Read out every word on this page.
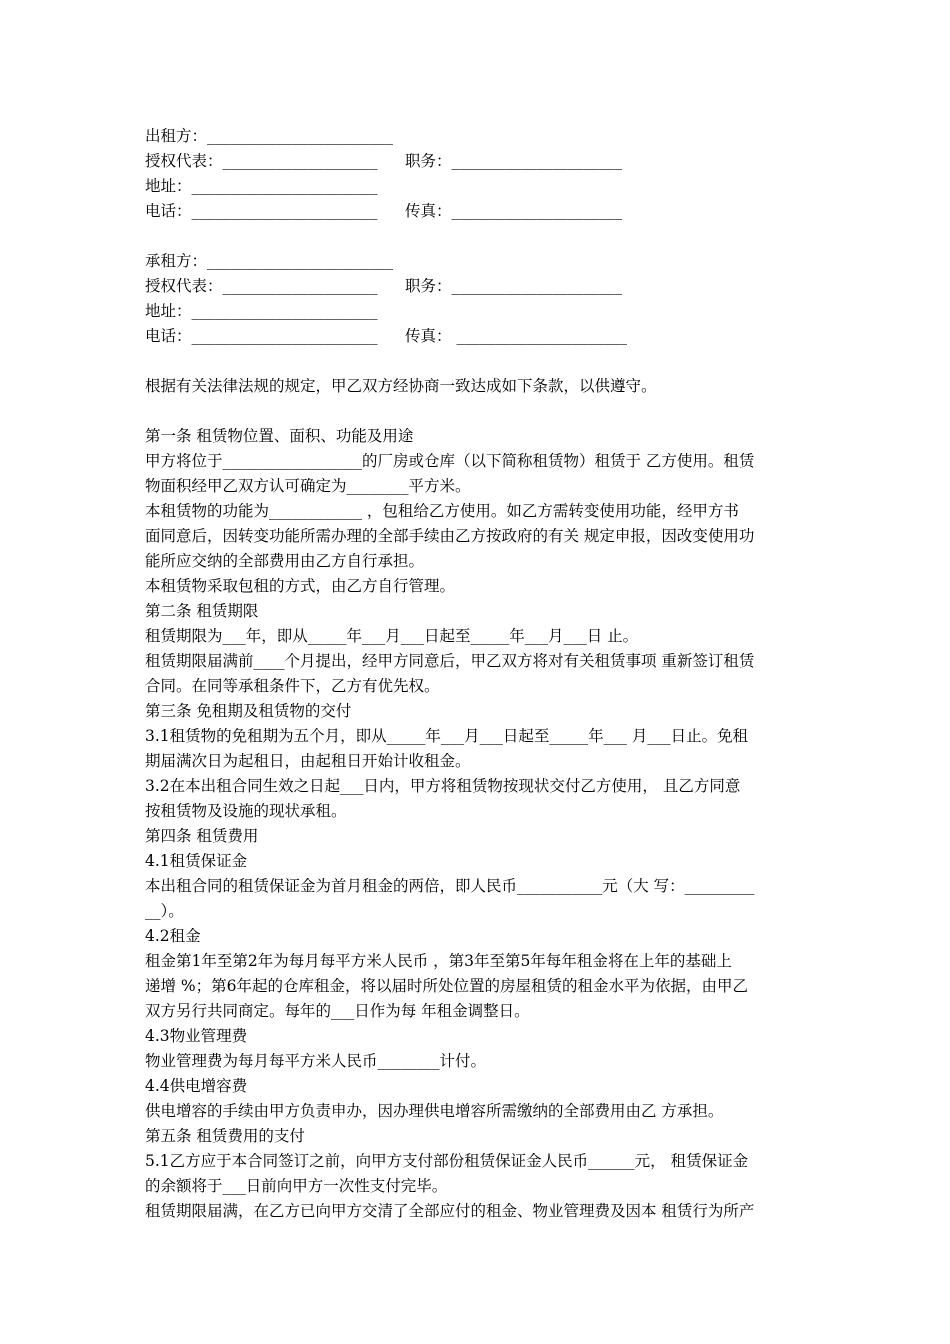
出租方：________________________
授权代表：____________________ 职务：______________________
地址：________________________
电话：________________________ 传真：______________________
承租方：________________________
授权代表：____________________ 职务：______________________
地址：________________________
电话：________________________ 传真： ______________________
根据有关法律法规的规定，甲乙双方经协商一致达成如下条款，以供遵守。
第一条 租赁物位置、面积、功能及用途
甲方将位于__________________的厂房或仓库（以下简称租赁物）租赁于 乙方使用。租赁
物面积经甲乙双方认可确定为________平方米。
本租赁物的功能为____________ ，包租给乙方使用。如乙方需转变使用功能，经甲方书
面同意后，因转变功能所需办理的全部手续由乙方按政府的有关 规定申报，因改变使用功
能所应交纳的全部费用由乙方自行承担。
本租赁物采取包租的方式，由乙方自行管理。
第二条 租赁期限
租赁期限为___年，即从_____年___月___日起至_____年___月___日 止。
租赁期限届满前____个月提出，经甲方同意后，甲乙双方将对有关租赁事项 重新签订租赁
合同。在同等承租条件下，乙方有优先权。
第三条 免租期及租赁物的交付
3.1租赁物的免租期为五个月，即从_____年___月___日起至_____年___ 月___日止。免租
期届满次日为起租日，由起租日开始计收租金。
3.2在本出租合同生效之日起___日内，甲方将租赁物按现状交付乙方使用， 且乙方同意
按租赁物及设施的现状承租。
第四条 租赁费用
4.1租赁保证金
本出租合同的租赁保证金为首月租金的两倍，即人民币___________元（大 写：_________
__）。
4.2租金
租金第1年至第2年为每月每平方米人民币 ，第3年至第5年每年租金将在上年的基础上
递增 %；第6年起的仓库租金，将以届时所处位置的房屋租赁的租金水平为依据，由甲乙
双方另行共同商定。每年的___日作为每 年租金调整日。
4.3物业管理费
物业管理费为每月每平方米人民币________计付。
4.4供电增容费
供电增容的手续由甲方负责申办，因办理供电增容所需缴纳的全部费用由乙 方承担。
第五条 租赁费用的支付
5.1乙方应于本合同签订之前，向甲方支付部份租赁保证金人民币______元， 租赁保证金
的余额将于___日前向甲方一次性支付完毕。
租赁期限届满，在乙方已向甲方交清了全部应付的租金、物业管理费及因本 租赁行为所产
